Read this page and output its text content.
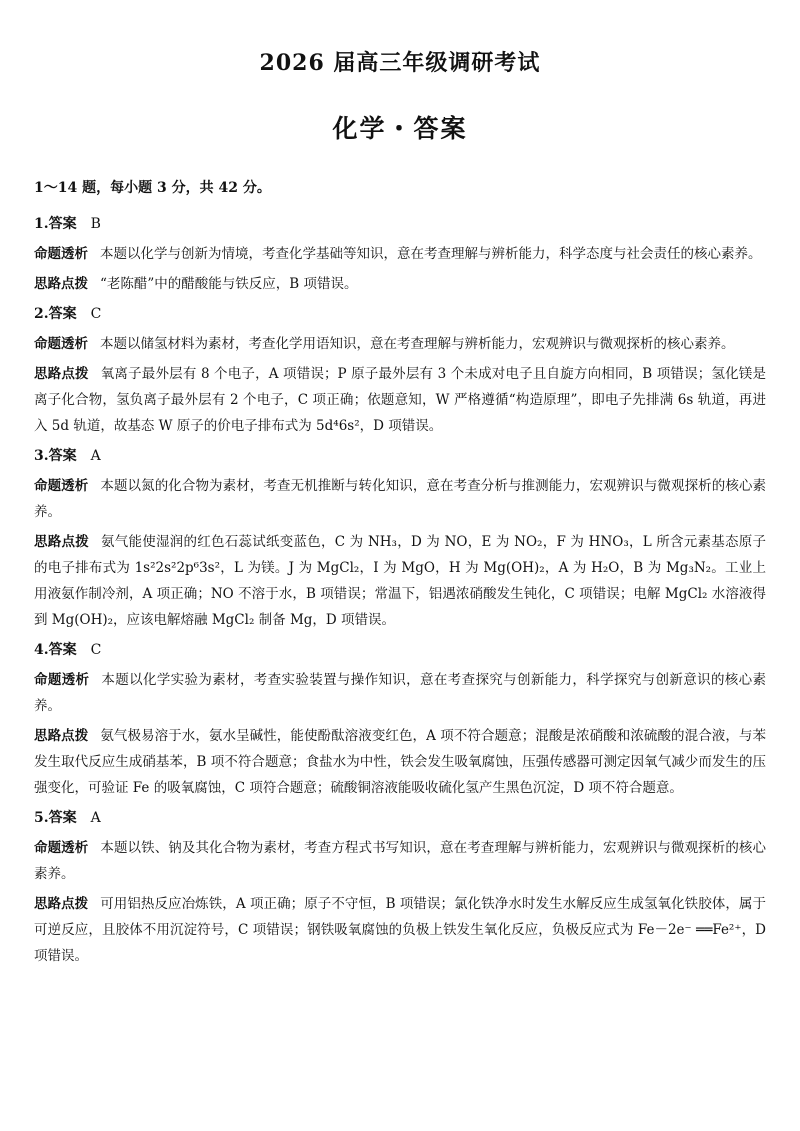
2026 届高三年级调研考试
化学・答案
1～14 题，每小题 3 分，共 42 分。
1.答案 B
命题透析 本题以化学与创新为情境，考查化学基础等知识，意在考查理解与辨析能力，科学态度与社会责任的核心素养。
思路点拨 “老陈醋”中的醋酸能与铁反应，B 项错误。
2.答案 C
命题透析 本题以储氢材料为素材，考查化学用语知识，意在考查理解与辨析能力，宏观辨识与微观探析的核心素养。
思路点拨 氧离子最外层有 8 个电子，A 项错误；P 原子最外层有 3 个未成对电子且自旋方向相同，B 项错误；氢化镁是离子化合物，氢负离子最外层有 2 个电子，C 项正确；依题意知，W 严格遵循“构造原理”，即电子先排满 6s 轨道，再进入 5d 轨道，故基态 W 原子的价电子排布式为 5d⁴6s²，D 项错误。
3.答案 A
命题透析 本题以氮的化合物为素材，考查无机推断与转化知识，意在考查分析与推测能力，宏观辨识与微观探析的核心素养。
思路点拨 氨气能使湿润的红色石蕊试纸变蓝色，C 为 NH₃，D 为 NO，E 为 NO₂，F 为 HNO₃，L 所含元素基态原子的电子排布式为 1s²2s²2p⁶3s²，L 为镁。J 为 MgCl₂，I 为 MgO，H 为 Mg(OH)₂，A 为 H₂O，B 为 Mg₃N₂。工业上用液氨作制冷剂，A 项正确；NO 不溶于水，B 项错误；常温下，铝遇浓硝酸发生钝化，C 项错误；电解 MgCl₂ 水溶液得到 Mg(OH)₂，应该电解熔融 MgCl₂ 制备 Mg，D 项错误。
4.答案 C
命题透析 本题以化学实验为素材，考查实验装置与操作知识，意在考查探究与创新能力，科学探究与创新意识的核心素养。
思路点拨 氨气极易溶于水，氨水呈碱性，能使酚酞溶液变红色，A 项不符合题意；混酸是浓硝酸和浓硫酸的混合液，与苯发生取代反应生成硝基苯，B 项不符合题意；食盐水为中性，铁会发生吸氧腐蚀，压强传感器可测定因氧气减少而发生的压强变化，可验证 Fe 的吸氧腐蚀，C 项符合题意；硫酸铜溶液能吸收硫化氢产生黑色沉淀，D 项不符合题意。
5.答案 A
命题透析 本题以铁、钠及其化合物为素材，考查方程式书写知识，意在考查理解与辨析能力，宏观辨识与微观探析的核心素养。
思路点拨 可用铝热反应冶炼铁，A 项正确；原子不守恒，B 项错误；氯化铁净水时发生水解反应生成氢氧化铁胶体，属于可逆反应，且胶体不用沉淀符号，C 项错误；钢铁吸氧腐蚀的负极上铁发生氧化反应，负极反应式为 Fe－2e⁻ ══Fe²⁺，D 项错误。
